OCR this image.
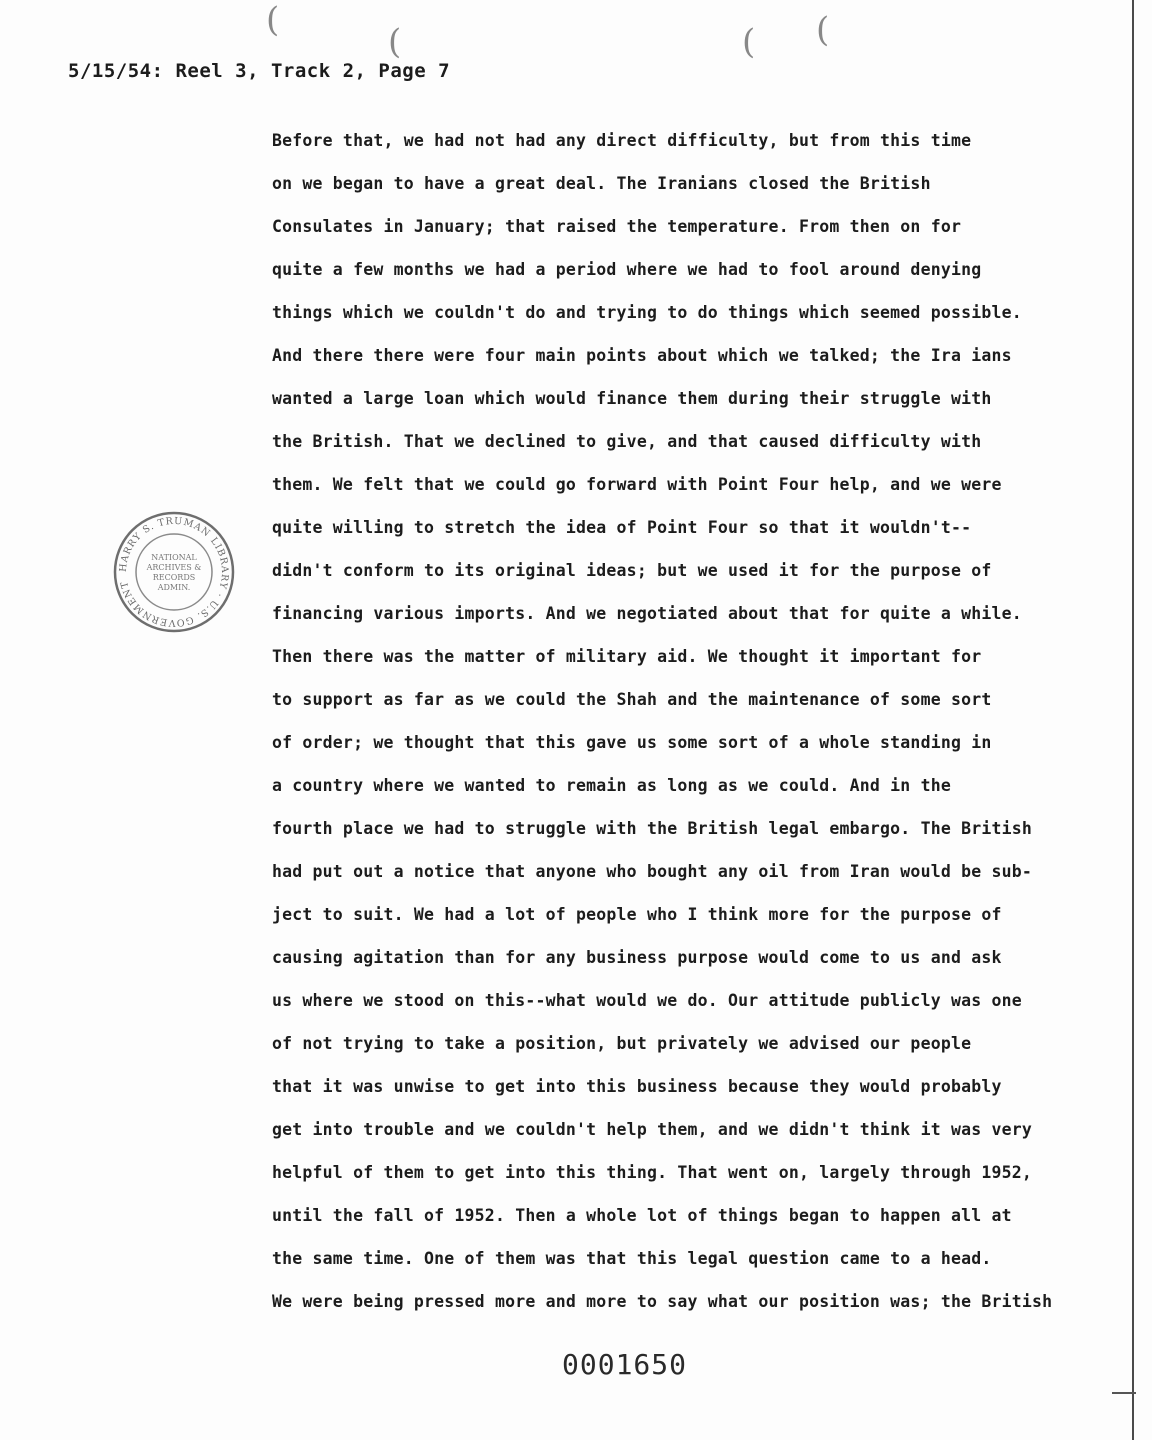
(
(	( (
5/15/54: Reel 3, Track 2, Page 7
Before that, we had not had any direct difficulty, but from this time
on we began to have a great deal. The Iranians closed the British
Consulates in January; that raised the temperature. From then on for
quite a few months we had a period where we had to fool around denying
things which we couldn't do and trying to do things which seemed possible.
And there there were four main points about which we talked; the Ira ians
wanted a large loan which would finance them during their struggle with
the British. That we declined to give, and that caused difficulty with
them. We felt that we could go forward with Point Four help, and we were
quite willing to stretch the idea of Point Four so that it wouldn't--
didn't conform to its original ideas; but we used it for the purpose of
financing various imports. And we negotiated about that for quite a while.
Then there was the matter of military aid. We thought it important for
to support as far as we could the Shah and the maintenance of some sort
of order; we thought that this gave us some sort of a whole standing in
a country where we wanted to remain as long as we could. And in the
fourth place we had to struggle with the British legal embargo. The British
had put out a notice that anyone who bought any oil from Iran would be sub-
ject to suit. We had a lot of people who I think more for the purpose of
causing agitation than for any business purpose would come to us and ask
us where we stood on this--what would we do. Our attitude publicly was one
of not trying to take a position, but privately we advised our people
that it was unwise to get into this business because they would probably
get into trouble and we couldn't help them, and we didn't think it was very
helpful of them to get into this thing. That went on, largely through 1952,
until the fall of 1952. Then a whole lot of things began to happen all at
the same time. One of them was that this legal question came to a head.
We were being pressed more and more to say what our position was; the British
HARRY S. TRUMAN LIBRARY · U.S. GOVERNMENT
NATIONAL
ARCHIVES &
RECORDS
ADMIN.
0001650
